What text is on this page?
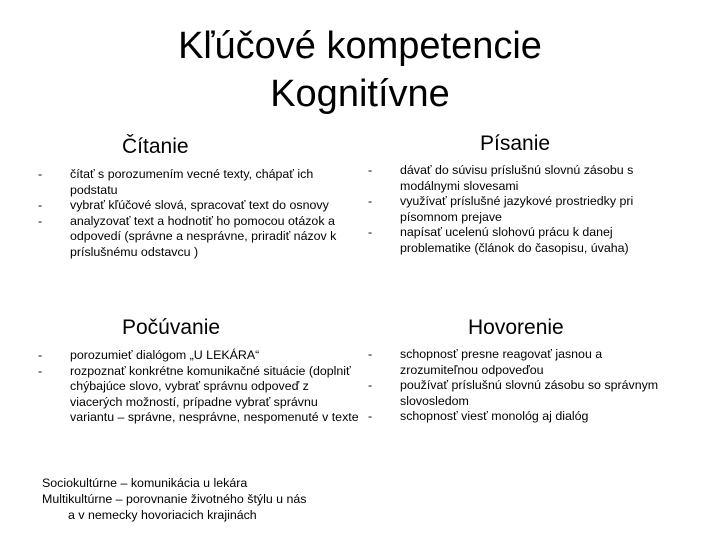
Kľúčové kompetencie
Kognitívne
Čítanie
- čítať s porozumením vecné texty, chápať ich podstatu
- vybrať kľúčové slová, spracovať text do osnovy
- analyzovať text a hodnotiť ho pomocou otázok a odpovedí (správne a nesprávne, priradiť názov k príslušnému odstavcu )
Písanie
- dávať do súvisu príslušnú slovnú zásobu s modálnymi slovesami
- využívať príslušné jazykové prostriedky pri písomnom prejave
- napísať ucelenú slohovú prácu k danej problematike (článok do časopisu, úvaha)
Počúvanie
- porozumieť dialógom „U LEKÁRA“
- rozpoznať konkrétne komunikačné situácie (doplniť chýbajúce slovo, vybrať správnu odpoveď z viacerých možností, prípadne vybrať správnu variantu – správne, nesprávne, nespomenuté v texte
Hovorenie
- schopnosť presne reagovať jasnou a zrozumiteľnou odpoveďou
- používať príslušnú slovnú zásobu so správnym slovosledom
- schopnosť viesť monológ aj dialóg
Sociokultúrne – komunikácia u lekára
Multikultúrne – porovnanie životného štýlu u nás
a v nemecky hovoriacich krajinách
